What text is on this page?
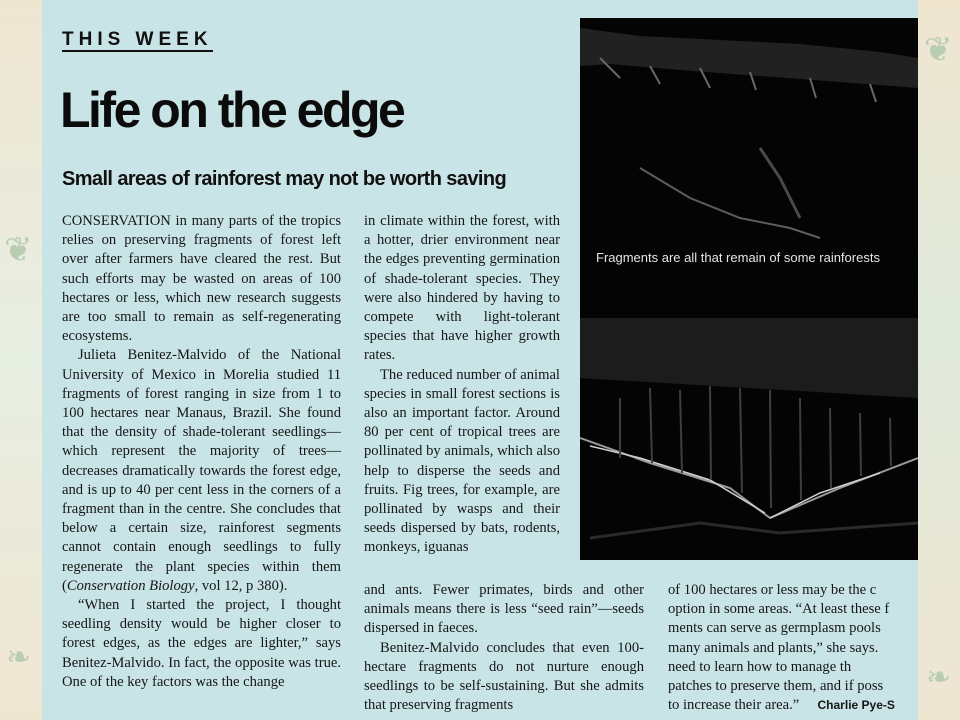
❦
❧
❦
❧
THIS WEEK
Life on the edge
Small areas of rainforest may not be worth saving

CONSERVATION in many parts of the tropics relies on preserving fragments of forest left over after farmers have cleared the rest. But such efforts may be wasted on areas of 100 hectares or less, which new research suggests are too small to remain as self-regenerating ecosystems.

Julieta Benitez-Malvido of the National University of Mexico in Morelia studied 11 fragments of forest ranging in size from 1 to 100 hectares near Manaus, Brazil. She found that the density of shade-tolerant seedlings—which represent the majority of trees—decreases dramatically towards the forest edge, and is up to 40 per cent less in the corners of a fragment than in the centre. She concludes that below a certain size, rainforest segments cannot contain enough seedlings to fully regenerate the plant species within them (Conservation Biology, vol 12, p 380).

“When I started the project, I thought seedling density would be higher closer to forest edges, as the edges are lighter,” says Benitez-Malvido. In fact, the opposite was true. One of the key factors was the change

in climate within the forest, with a hotter, drier environment near the edges preventing germination of shade-tolerant species. They were also hindered by having to compete with light-tolerant species that have higher growth rates.

The reduced number of animal species in small forest sections is also an important factor. Around 80 per cent of tropical trees are pollinated by animals, which also help to disperse the seeds and fruits. Fig trees, for example, are pollinated by wasps and their seeds dispersed by bats, rodents, monkeys, iguanas

and ants. Fewer primates, birds and other animals means there is less “seed rain”—seeds dispersed in faeces.

Benitez-Malvido concludes that even 100-hectare fragments do not nurture enough seedlings to be self-sustaining. But she admits that preserving fragments

of 100 hectares or less may be the c
option in some areas. “At least these f
ments can serve as germplasm pools
many animals and plants,” she says.
need to learn how to manage th
patches to preserve them, and if poss
to increase their area.” Charlie Pye-S
Fragments are all that remain of some rainforests
